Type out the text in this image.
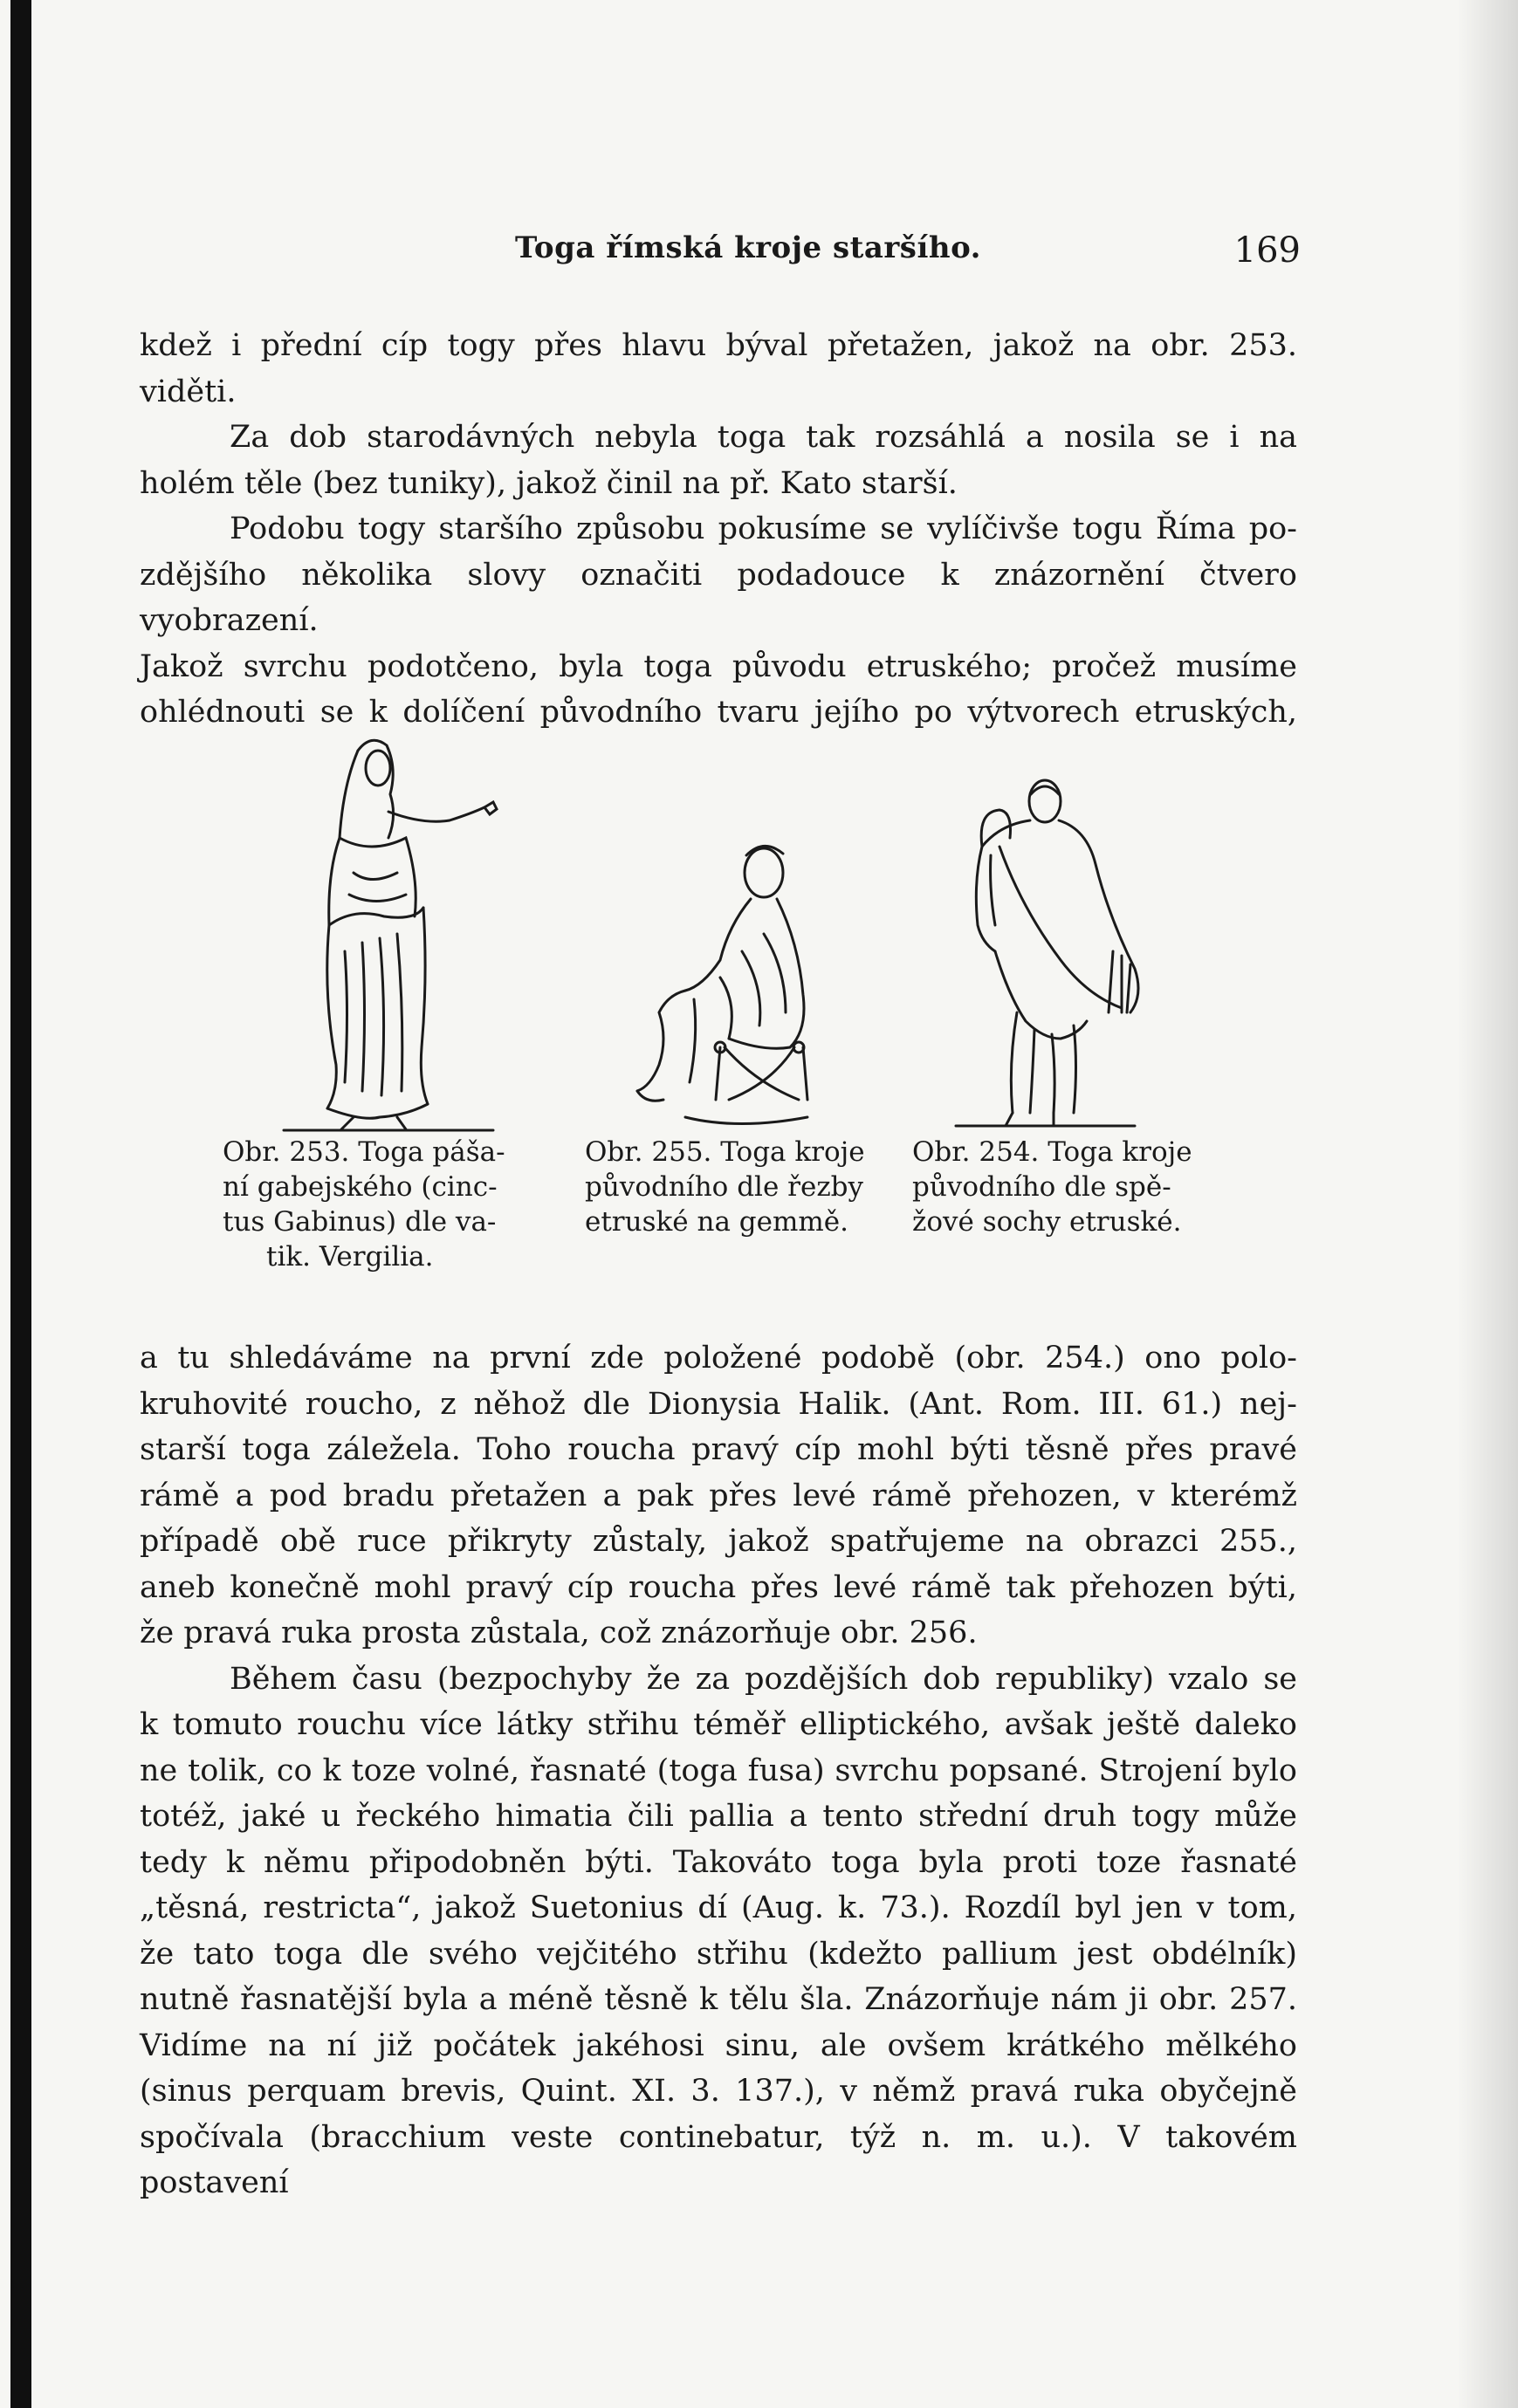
Toga římská kroje staršího.	169

kdež i přední cíp togy přes hlavu býval přetažen, jakož na obr. 253.

viděti.

Za dob starodávných nebyla toga tak rozsáhlá a nosila se i na

holém těle (bez tuniky), jakož činil na př. Kato starší.

Podobu togy staršího způsobu pokusíme se vylíčivše togu Říma po-

zdějšího několika slovy označiti podadouce k znázornění čtvero vyobrazení.

Jakož svrchu podotčeno, byla toga původu etruského; pročež musíme

ohlédnouti se k dolíčení původního tvaru jejího po výtvorech etruských,

Obr. 253. Toga páša-
ní gabejského (cinc-
tus Gabinus) dle va-
tik. Vergilia.
Obr. 255. Toga kroje
původního dle řezby
etruské na gemmě.
Obr. 254. Toga kroje
původního dle spě-
žové sochy etruské.

a tu shledáváme na první zde položené podobě (obr. 254.) ono polo-

kruhovité roucho, z něhož dle Dionysia Halik. (Ant. Rom. III. 61.) nej-

starší toga záležela. Toho roucha pravý cíp mohl býti těsně přes pravé

rámě a pod bradu přetažen a pak přes levé rámě přehozen, v kterémž

případě obě ruce přikryty zůstaly, jakož spatřujeme na obrazci 255.,

aneb konečně mohl pravý cíp roucha přes levé rámě tak přehozen býti,

že pravá ruka prosta zůstala, což znázorňuje obr. 256.

Během času (bezpochyby že za pozdějších dob republiky) vzalo se

k tomuto rouchu více látky střihu téměř elliptického, avšak ještě daleko

ne tolik, co k toze volné, řasnaté (toga fusa) svrchu popsané. Strojení bylo

totéž, jaké u řeckého himatia čili pallia a tento střední druh togy může

tedy k němu připodobněn býti. Takováto toga byla proti toze řasnaté

„těsná, restricta“, jakož Suetonius dí (Aug. k. 73.). Rozdíl byl jen v tom,

že tato toga dle svého vejčitého střihu (kdežto pallium jest obdélník)

nutně řasnatější byla a méně těsně k tělu šla. Znázorňuje nám ji obr. 257.

Vidíme na ní již počátek jakéhosi sinu, ale ovšem krátkého mělkého

(sinus perquam brevis, Quint. XI. 3. 137.), v němž pravá ruka obyčejně

spočívala (bracchium veste continebatur, týž n. m. u.). V takovém postavení
